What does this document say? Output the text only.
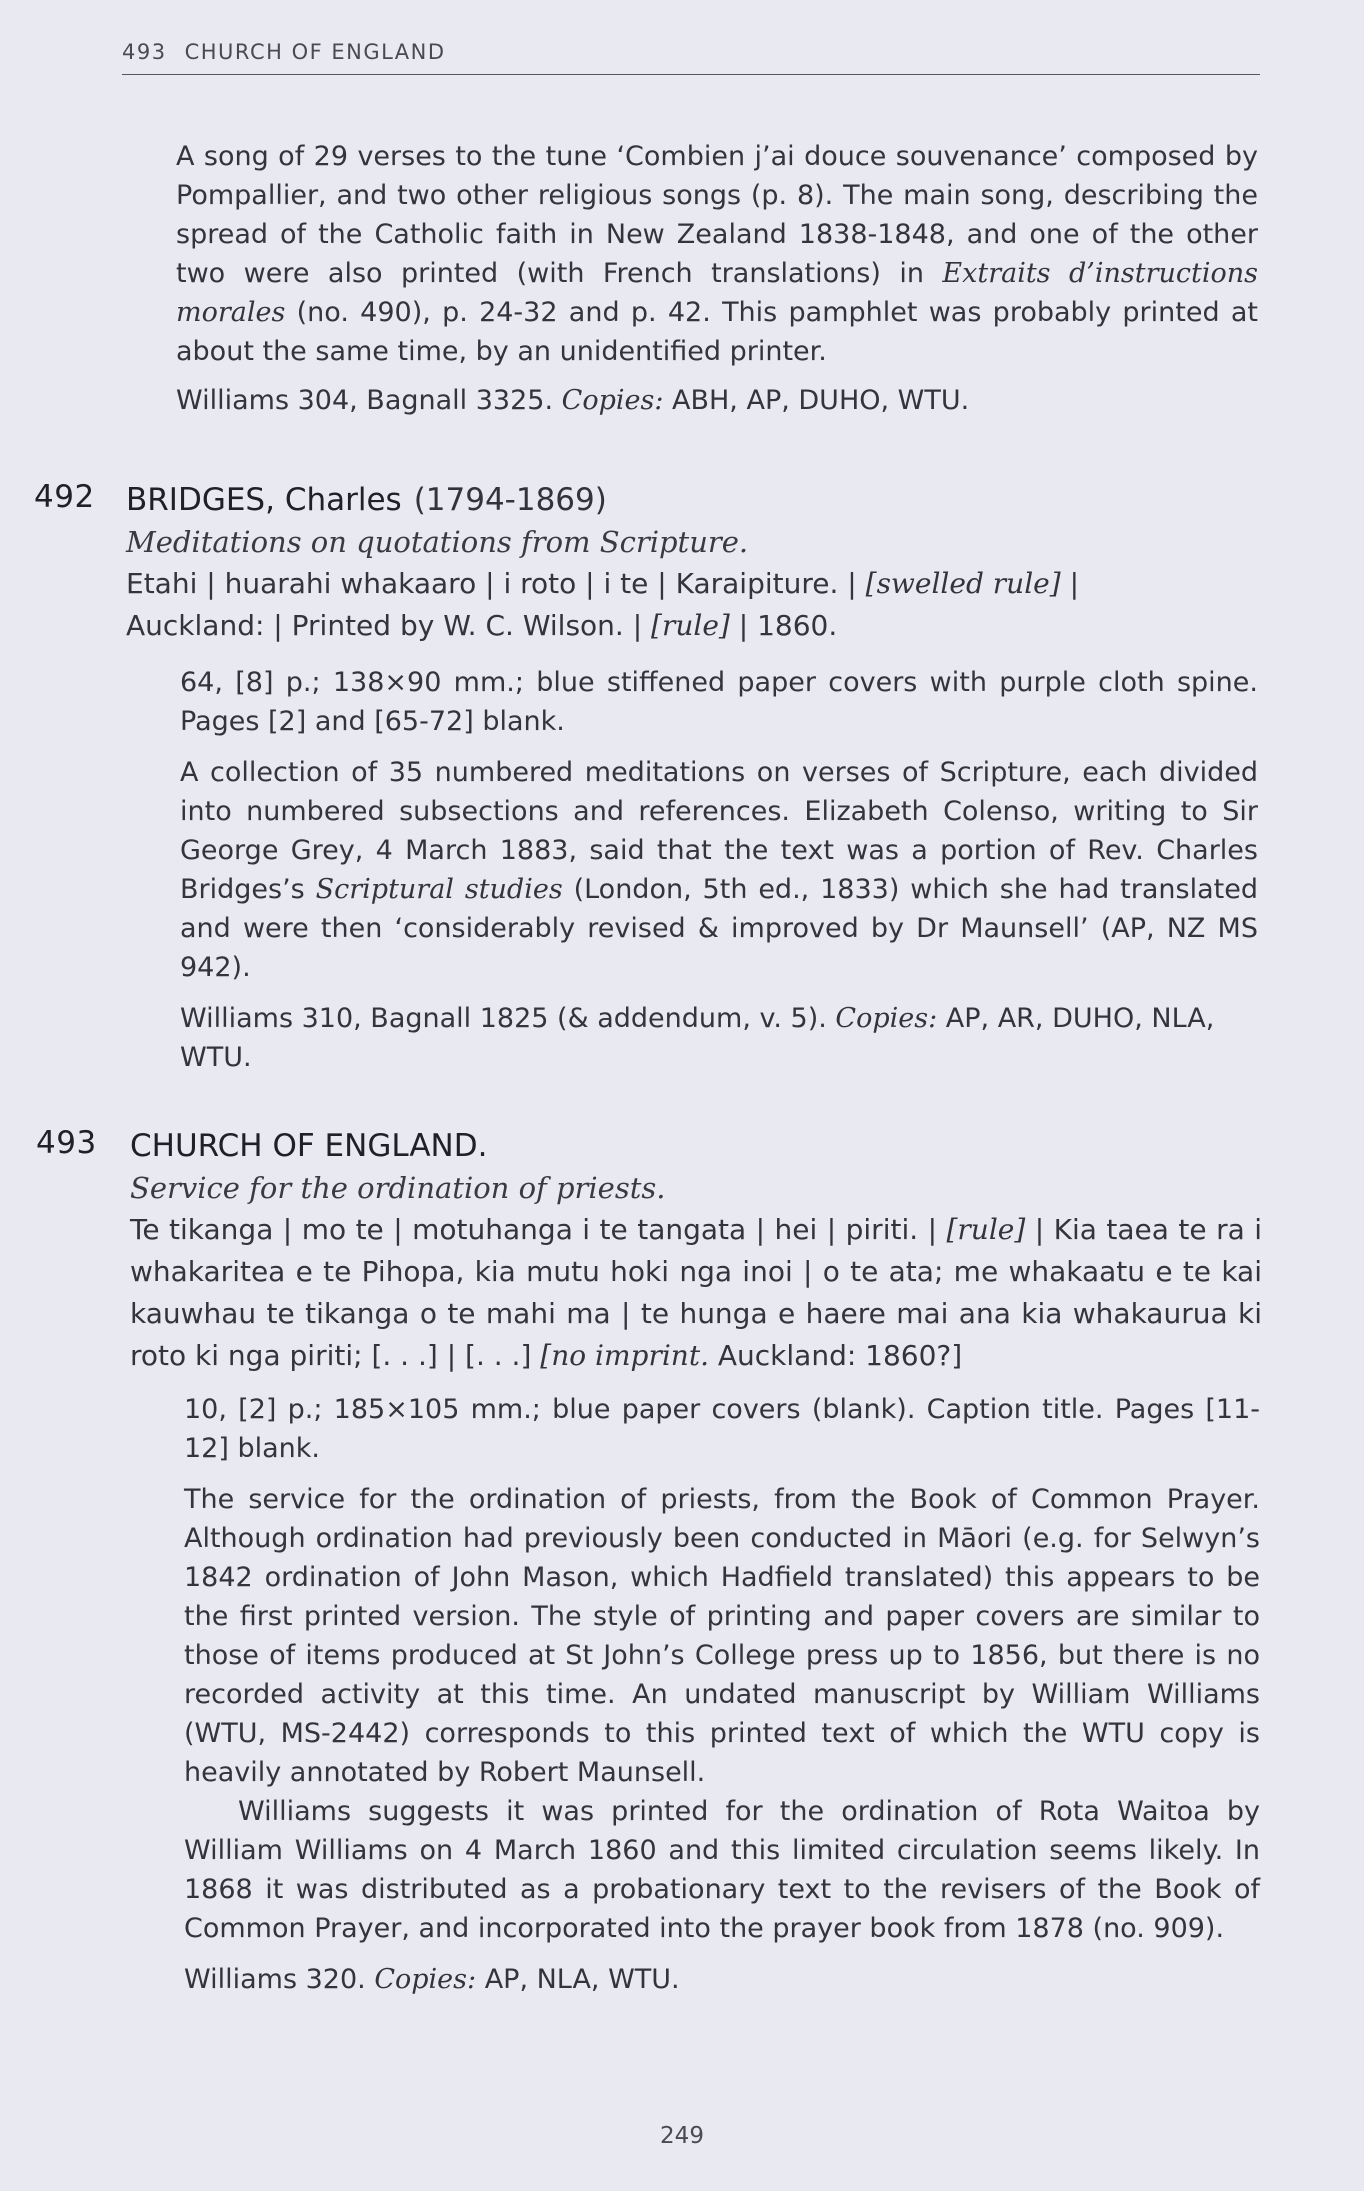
493 CHURCH OF ENGLAND

A song of 29 verses to the tune ‘Combien j’ai douce souvenance’ composed by Pompallier, and two other religious songs (p. 8). The main song, describing the spread of the Catholic faith in New Zealand 1838-1848, and one of the other two were also printed (with French translations) in Extraits d’instructions morales (no. 490), p. 24-32 and p. 42. This pamphlet was probably printed at about the same time, by an unidentified printer.

Williams 304, Bagnall 3325. Copies: ABH, AP, DUHO, WTU.

492 BRIDGES, Charles (1794-1869)

Meditations on quotations from Scripture.

Etahi | huarahi whakaaro | i roto | i te | Karaipiture. | [swelled rule] |
Auckland: | Printed by W. C. Wilson. | [rule] | 1860.

64, [8] p.; 138×90 mm.; blue stiffened paper covers with purple cloth spine. Pages [2] and [65-72] blank.

A collection of 35 numbered meditations on verses of Scripture, each divided into numbered subsections and references. Elizabeth Colenso, writing to Sir George Grey, 4 March 1883, said that the text was a portion of Rev. Charles Bridges’s Scriptural studies (London, 5th ed., 1833) which she had translated and were then ‘considerably revised & improved by Dr Maunsell’ (AP, NZ MS 942).

Williams 310, Bagnall 1825 (& addendum, v. 5). Copies: AP, AR, DUHO, NLA, WTU.

493 CHURCH OF ENGLAND.

Service for the ordination of priests.

Te tikanga | mo te | motuhanga i te tangata | hei | piriti. | [rule] | Kia taea te ra i whakaritea e te Pihopa, kia mutu hoki nga inoi | o te ata; me whakaatu e te kai kauwhau te tikanga o te mahi ma | te hunga e haere mai ana kia whakaurua ki roto ki nga piriti; [. . .] | [. . .] [no imprint. Auckland: 1860?]

10, [2] p.; 185×105 mm.; blue paper covers (blank). Caption title. Pages [11-12] blank.

The service for the ordination of priests, from the Book of Common Prayer. Although ordination had previously been conducted in Māori (e.g. for Selwyn’s 1842 ordination of John Mason, which Hadfield translated) this appears to be the first printed version. The style of printing and paper covers are similar to those of items produced at St John’s College press up to 1856, but there is no recorded activity at this time. An undated manuscript by William Williams (WTU, MS-2442) corresponds to this printed text of which the WTU copy is heavily annotated by Robert Maunsell.

Williams suggests it was printed for the ordination of Rota Waitoa by William Williams on 4 March 1860 and this limited circulation seems likely. In 1868 it was distributed as a probationary text to the revisers of the Book of Common Prayer, and incorporated into the prayer book from 1878 (no. 909).

Williams 320. Copies: AP, NLA, WTU.

249
